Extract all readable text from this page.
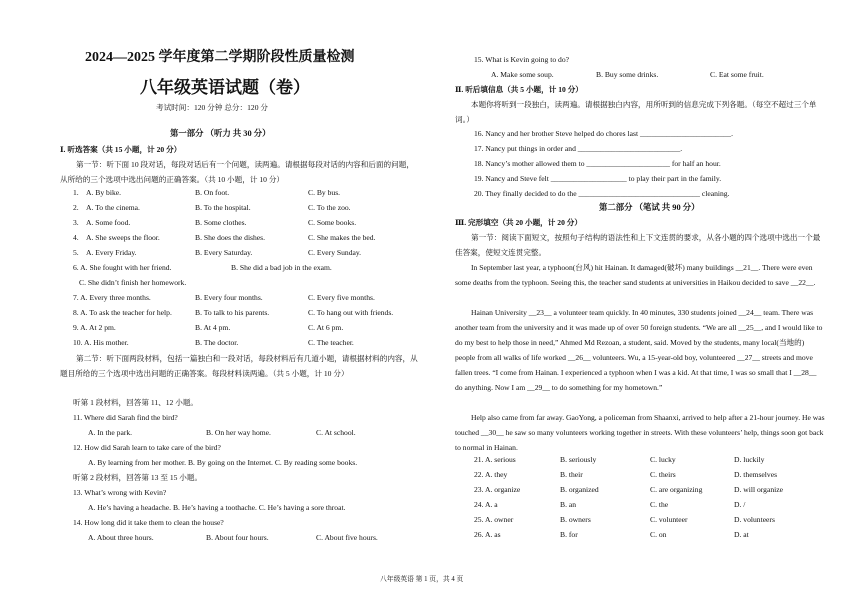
2024—2025 学年度第二学期阶段性质量检测
八年级英语试题（卷）
考试时间：120 分钟 总分：120 分
第一部分 （听力 共 30 分）
Ⅰ. 听选答案（共 15 小题，计 20 分）
第一节：听下面 10 段对话，每段对话后有一个问题，读两遍。请根据每段对话的内容和后面的问题，从所给的三个选项中选出问题的正确答案。（共 10 小题，计 10 分）
1. A. By bike.	B. On foot.	C. By bus.
2. A. To the cinema.	B. To the hospital.	C. To the zoo.
3. A. Some food.	B. Some clothes.	C. Some books.
4. A. She sweeps the floor.	B. She does the dishes.	C. She makes the bed.
5. A. Every Friday.	B. Every Saturday.	C. Every Sunday.
6. A. She fought with her friend.	B. She did a bad job in the exam.
C. She didn’t finish her homework.
7. A. Every three months.	B. Every four months.	C. Every five months.
8. A. To ask the teacher for help.	B. To talk to his parents.	C. To hang out with friends.
9. A. At 2 pm.	B. At 4 pm.	C. At 6 pm.
10. A. His mother.	B. The doctor.	C. The teacher.
第二节：听下面两段材料，包括一篇独白和一段对话，每段材料后有几道小题，请根据材料的内容，从题目所给的三个选项中选出问题的正确答案。每段材料读两遍。（共 5 小题，计 10 分）
听第 1 段材料，回答第 11、12 小题。
11. Where did Sarah find the bird?
A. In the park.	B. On her way home.	C. At school.
12. How did Sarah learn to take care of the bird?
A. By learning from her mother. B. By going on the Internet. C. By reading some books.
听第 2 段材料，回答第 13 至 15 小题。
13. What’s wrong with Kevin?
A. He’s having a headache. B. He’s having a toothache. C. He’s having a sore throat.
14. How long did it take them to clean the house?
A. About three hours.	B. About four hours.	C. About five hours.
15. What is Kevin going to do?
A. Make some soup.	B. Buy some drinks.	C. Eat some fruit.
Ⅱ. 听后填信息（共 5 小题，计 10 分）
本题你将听到一段独白，读两遍。请根据独白内容，用所听到的信息完成下列各题。（每空不超过三个单词。）
16. Nancy and her brother Steve helped do chores last ________________________.
17. Nancy put things in order and ___________________________.
18. Nancy’s mother allowed them to ______________________ for half an hour.
19. Nancy and Steve felt ____________________ to play their part in the family.
20. They finally decided to do the ________________________________ cleaning.
第二部分 （笔试 共 90 分）
Ⅲ. 完形填空（共 20 小题，计 20 分）
第一节：阅读下面短文，按照句子结构的语法性和上下文连贯的要求，从各小题的四个选项中选出一个最佳答案，使短文连贯完整。
In September last year, a typhoon(台风) hit Hainan. It damaged(破坏) many buildings __21__. There were even some deaths from the typhoon. Seeing this, the teacher sand students at universities in Haikou decided to save __22__.
Hainan University __23__ a volunteer team quickly. In 40 minutes, 330 students joined __24__ team. There was another team from the university and it was made up of over 50 foreign students. “We are all __25__, and I would like to do my best to help those in need,” Ahmed Md Rezoan, a student, said. Moved by the students, many local(当地的) people from all walks of life worked __26__ volunteers. Wu, a 15-year-old boy, volunteered __27__ streets and move fallen trees. “I come from Hainan. I experienced a typhoon when I was a kid. At that time, I was so small that I __28__ do anything. Now I am __29__ to do something for my hometown.”
Help also came from far away. GaoYong, a policeman from Shaanxi, arrived to help after a 21-hour journey. He was touched __30__ he saw so many volunteers working together in streets. With these volunteers’ help, things soon got back to normal in Hainan.
21. A. serious	B. seriously	C. lucky	D. luckily
22. A. they	B. their	C. theirs	D. themselves
23. A. organize	B. organized	C. are organizing	D. will organize
24. A. a	B. an	C. the	D. /
25. A. owner	B. owners	C. volunteer	D. volunteers
26. A. as	B. for	C. on	D. at
八年级英语 第 1 页，共 4 页
